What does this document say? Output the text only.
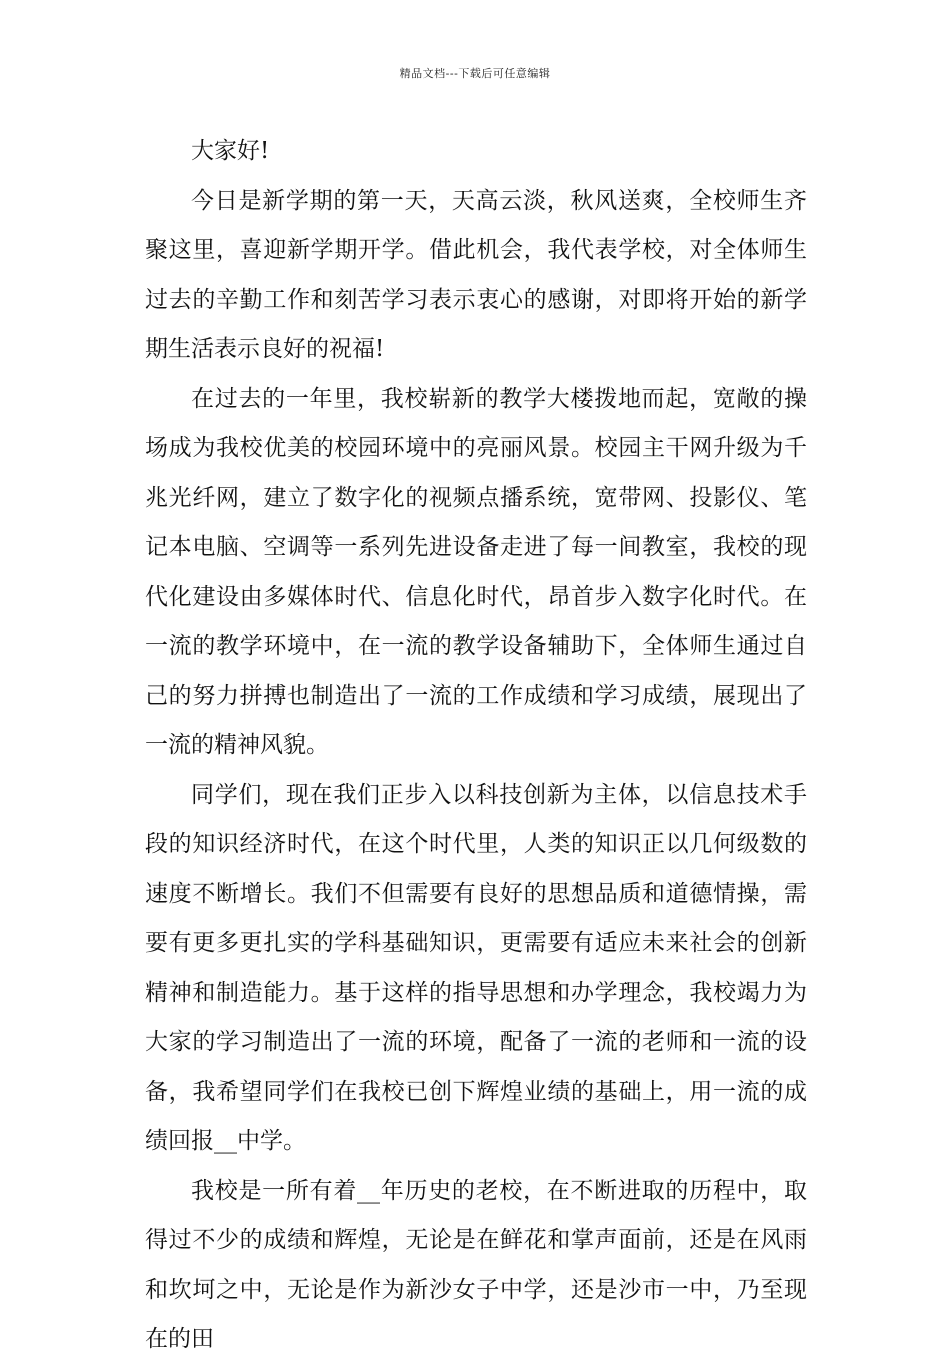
精品文档---下载后可任意编辑

大家好!

今日是新学期的第一天，天高云淡，秋风送爽，全校师生齐聚这里，喜迎新学期开学。借此机会，我代表学校，对全体师生过去的辛勤工作和刻苦学习表示衷心的感谢，对即将开始的新学期生活表示良好的祝福!

在过去的一年里，我校崭新的教学大楼拨地而起，宽敞的操场成为我校优美的校园环境中的亮丽风景。校园主干网升级为千兆光纤网，建立了数字化的视频点播系统，宽带网、投影仪、笔记本电脑、空调等一系列先进设备走进了每一间教室，我校的现代化建设由多媒体时代、信息化时代，昂首步入数字化时代。在一流的教学环境中，在一流的教学设备辅助下，全体师生通过自己的努力拼搏也制造出了一流的工作成绩和学习成绩，展现出了一流的精神风貌。

同学们，现在我们正步入以科技创新为主体，以信息技术手段的知识经济时代，在这个时代里，人类的知识正以几何级数的速度不断增长。我们不但需要有良好的思想品质和道德情操，需要有更多更扎实的学科基础知识，更需要有适应未来社会的创新精神和制造能力。基于这样的指导思想和办学理念，我校竭力为大家的学习制造出了一流的环境，配备了一流的老师和一流的设备，我希望同学们在我校已创下辉煌业绩的基础上，用一流的成绩回报__中学。

我校是一所有着__年历史的老校，在不断进取的历程中，取得过不少的成绩和辉煌，无论是在鲜花和掌声面前，还是在风雨和坎坷之中，无论是作为新沙女子中学，还是沙市一中，乃至现在的田
